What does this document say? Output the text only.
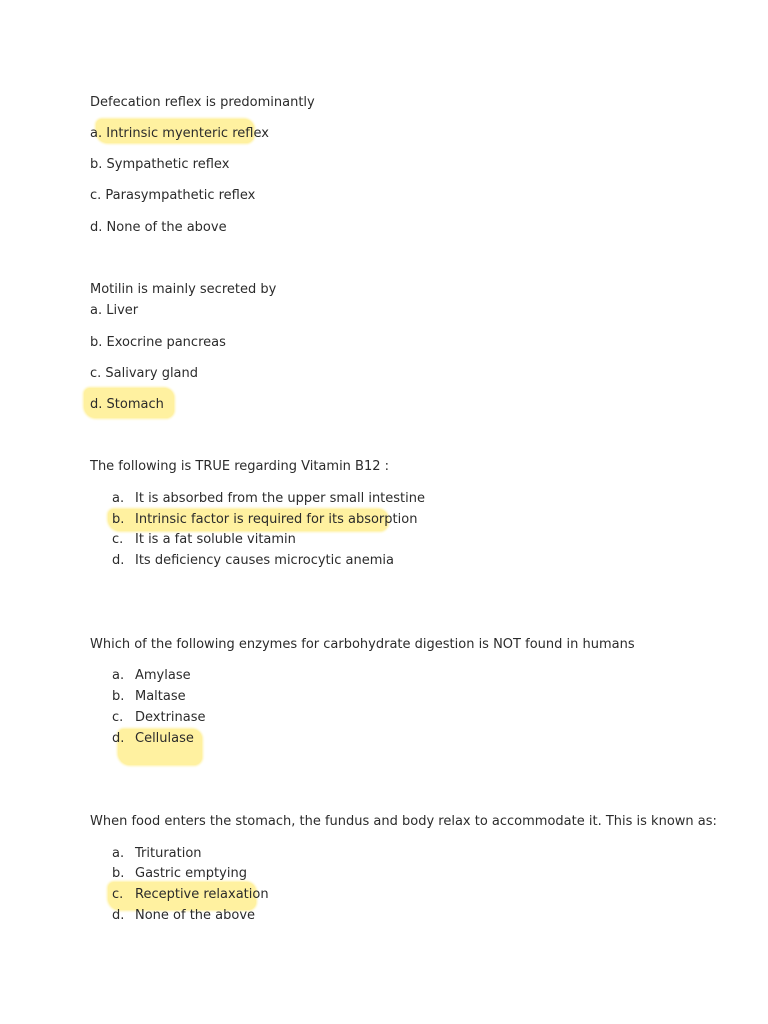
Defecation reflex is predominantly
a. Intrinsic myenteric reflex
b. Sympathetic reflex
c. Parasympathetic reflex
d. None of the above
Motilin is mainly secreted by
a. Liver
b. Exocrine pancreas
c. Salivary gland
d. Stomach
The following is TRUE regarding Vitamin B12 :
a. It is absorbed from the upper small intestine
b. Intrinsic factor is required for its absorption
c. It is a fat soluble vitamin
d. Its deficiency causes microcytic anemia
Which of the following enzymes for carbohydrate digestion is NOT found in humans
a. Amylase
b. Maltase
c. Dextrinase
d. Cellulase
When food enters the stomach, the fundus and body relax to accommodate it. This is known as:
a. Trituration
b. Gastric emptying
c. Receptive relaxation
d. None of the above
